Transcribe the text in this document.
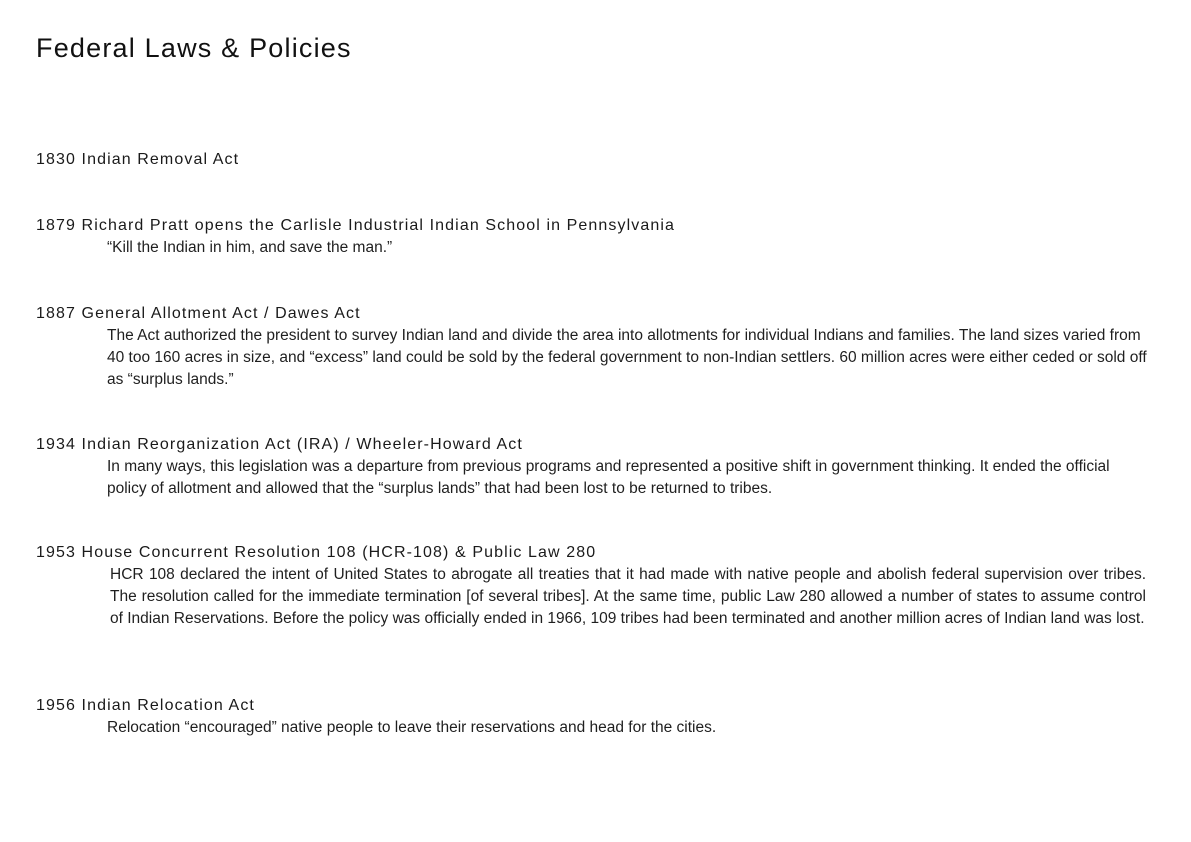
Federal Laws & Policies
1830 Indian Removal Act
1879 Richard Pratt opens the Carlisle Industrial Indian School in Pennsylvania
“Kill the Indian in him, and save the man.”
1887 General Allotment Act / Dawes Act
The Act authorized the president to survey Indian land and divide the area into allotments for individual Indians and families. The land sizes varied from 40 too 160 acres in size, and “excess” land could be sold by the federal government to non-Indian settlers. 60 million acres were either ceded or sold off as “surplus lands.”
1934 Indian Reorganization Act (IRA) / Wheeler-Howard Act
In many ways, this legislation was a departure from previous programs and represented a positive shift in government thinking. It ended the official policy of allotment and allowed that the “surplus lands” that had been lost to be returned to tribes.
1953 House Concurrent Resolution 108 (HCR-108) & Public Law 280
HCR 108 declared the intent of United States to abrogate all treaties that it had made with native people and abolish federal supervision over tribes. The resolution called for the immediate termination [of several tribes]. At the same time, public Law 280 allowed a number of states to assume control of Indian Reservations. Before the policy was officially ended in 1966, 109 tribes had been terminated and another million acres of Indian land was lost.
1956 Indian Relocation Act
Relocation “encouraged” native people to leave their reservations and head for the cities.
